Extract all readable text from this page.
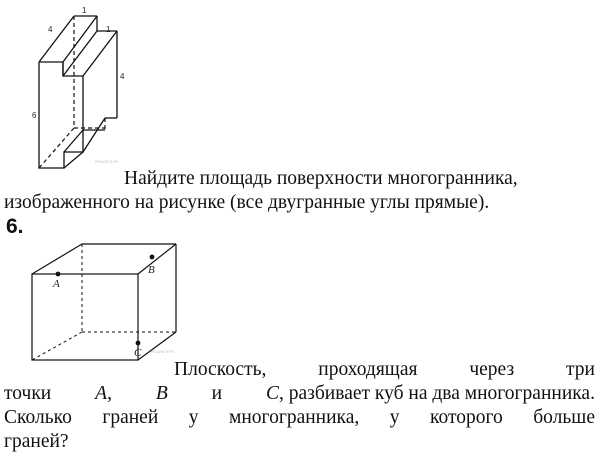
1
4	1
4
6
РЕШУЕГЭ.РФ
Найдите площадь поверхности многогранника,
изображенного на рисунке (все двугранные углы прямые).
6.
A
B
C	РЕШУЕГЭ.РФ
Плоскость,	проходящая	через	три
точки A, B и C, разбивает куб на два многогранника.
Сколько граней у многогранника, у которого больше
граней?
